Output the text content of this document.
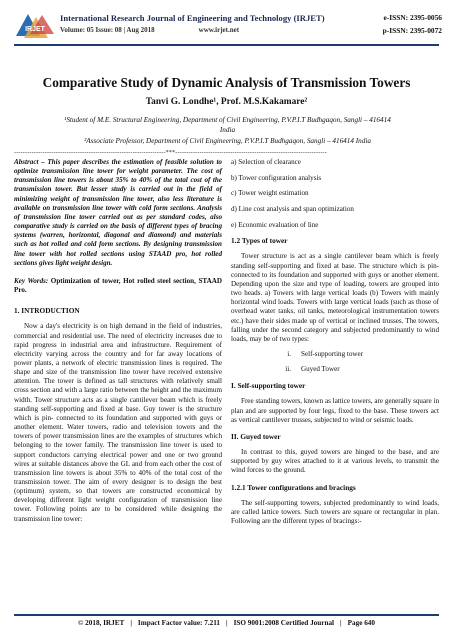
IRJET
International Research Journal of Engineering and Technology (IRJET)
Volume: 05 Issue: 08 | Aug 2018	www.irjet.net
e-ISSN: 2395-0056
p-ISSN: 2395-0072
Comparative Study of Dynamic Analysis of Transmission Towers
Tanvi G. Londhe¹, Prof. M.S.Kakamare²
¹Student of M.E. Structural Engineering, Department of Civil Engineering, P.V.P.I.T Budhgaqon, Sangli – 416414
India
²Associate Professor, Department of Civil Engineering, P.V.P.I.T Budhgaqon, Sangli – 416414 India
---------------------------------------------------------------------***---------------------------------------------------------------------

Abstract – This paper describes the estimation of feasible solution to optimize transmission line tower for weight parameter. The cost of transmission line towers is about 35% to 40% of the total cost of the transmission tower. But lesser study is carried out in the field of minimizing weight of transmission line tower, also less literature is available on transmission line tower with cold form sections. Analysis of transmission line tower carried out as per standard codes, also comparative study is carried on the basis of different types of bracing systems (warren, horizontal, diagonal and diamond) and materials such as hot rolled and cold form sections. By designing transmission line tower with hot rolled sections using STAAD pro, hot rolled sections gives light weight design.

Key Words: Optimization of tower, Hot rolled steel section, STAAD Pro.

1. INTRODUCTION

Now a day's electricity is on high demand in the field of industries, commercial and residential use. The need of electricity increases due to rapid progress in industrial area and infrastructure. Requirement of electricity varying across the country and for far away locations of power plants, a network of electric transmission lines is required. The shape and size of the transmission line tower have received extensive attention. The tower is defined as tall structures with relatively small cross section and with a large ratio between the height and the maximum width. Tower structure acts as a single cantilever beam which is freely standing self-supporting and fixed at base. Guy tower is the structure which is pin- connected to its foundation and supported with guys or another element. Water towers, radio and television towers and the towers of power transmission lines are the examples of structures which belonging to the tower family. The transmission line tower is used to support conductors carrying electrical power and one or two ground wires at suitable distances above the GL and from each other the cost of transmission line towers is about 35% to 40% of the total cost of the transmission tower. The aim of every designer is to design the best (optimum) system, so that towers are constructed economical by developing different light weight configuration of transmission line tower. Following points are to be considered while designing the transmission line tower:

a) Selection of clearance
b) Tower configuration analysis
c) Tower weight estimation
d) Line cost analysis and span optimization
e) Economic evaluation of line
1.2 Types of tower

Tower structure is act as a single cantilever beam which is freely standing self-supporting and fixed at base. The structure which is pin- connected to its foundation and supported with guys or another element. Depending upon the size and type of loading, towers are grouped into two heads. a) Towers with large vertical loads (b) Towers with mainly horizontal wind loads. Towers with large vertical loads (such as those of overhead water tanks, oil tanks, meteorological instrumentation towers etc.) have their sides made up of vertical or inclined trusses. The towers, falling under the second category and subjected predominantly to wind loads, may be of two types:

i. Self-supporting tower
ii. Guyed Tower
I. Self-supporting tower

Free standing towers, known as lattice towers, are generally square in plan and are supported by four legs, fixed to the base. These towers act as vertical cantilever trusses, subjected to wind or seismic loads.

II. Guyed tower

In contrast to this, guyed towers are hinged to the base, and are supported by guy wires attached to it at various levels, to transmit the wind forces to the ground.

1.2.1 Tower configurations and bracings

The self-supporting towers, subjected predominantly to wind loads, are called lattice towers. Such towers are square or rectangular in plan. Following are the different types of bracings:-

© 2018, IRJET | Impact Factor value: 7.211 | ISO 9001:2008 Certified Journal | Page 640
